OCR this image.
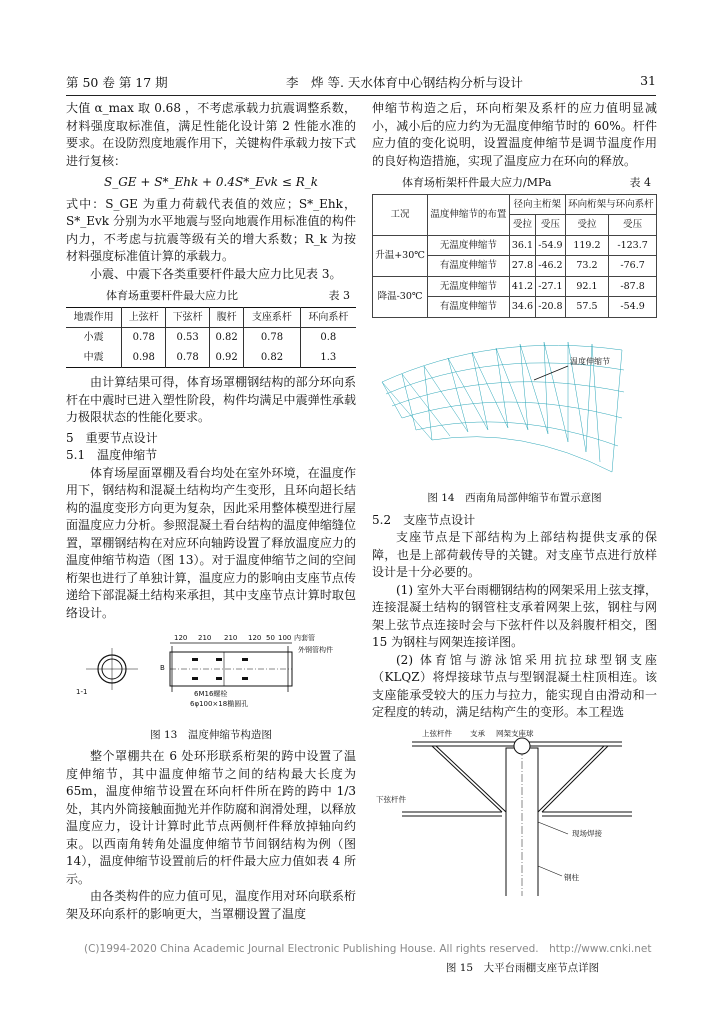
第 50 卷 第 17 期	李　烨 等. 天水体育中心钢结构分析与设计	31

大值 α_max 取 0.68 ，不考虑承载力抗震调整系数，材料强度取标准值，满足性能化设计第 2 性能水准的要求。在设防烈度地震作用下，关键构件承载力按下式进行复核：

S_GE + S*_Ehk + 0.4S*_Evk ≤ R_k

式中：S_GE 为重力荷载代表值的效应；S*_Ehk，S*_Evk 分别为水平地震与竖向地震作用标准值的构件内力，不考虑与抗震等级有关的增大系数；R_k 为按材料强度标准值计算的承载力。

小震、中震下各类重要杆件最大应力比见表 3。

体育场重要杆件最大应力比	表 3
地震作用	上弦杆	下弦杆	腹杆	支座系杆	环向系杆
小震	0.78	0.53	0.82	0.78	0.8
中震	0.98	0.78	0.92	0.82	1.3

由计算结果可得，体育场罩棚钢结构的部分环向系杆在中震时已进入塑性阶段，构件均满足中震弹性承载力极限状态的性能化要求。

5　重要节点设计

5.1　温度伸缩节

体育场屋面罩棚及看台均处在室外环境，在温度作用下，钢结构和混凝土结构均产生变形，且环向超长结构的温度变形方向更为复杂，因此采用整体模型进行屋面温度应力分析。参照混凝土看台结构的温度伸缩缝位置，罩棚钢结构在对应环向轴跨设置了释放温度应力的温度伸缩节构造（图 13）。对于温度伸缩节之间的空间桁架也进行了单独计算，温度应力的影响由支座节点传递给下部混凝土结构来承担，其中支座节点计算时取包络设计。

120 210 210 120 50 100 内套管
外钢管构件
B
1-1	6M16螺栓
6φ100×18椭圆孔

图 13　温度伸缩节构造图

整个罩棚共在 6 处环形联系桁架的跨中设置了温度伸缩节，其中温度伸缩节之间的结构最大长度为 65m，温度伸缩节设置在环向杆件所在跨的跨中 1/3 处，其内外筒接触面抛光并作防腐和润滑处理，以释放温度应力，设计计算时此节点两侧杆件释放掉轴向约束。以西南角转角处温度伸缩节节间钢结构为例（图 14），温度伸缩节设置前后的杆件最大应力值如表 4 所示。

由各类构件的应力值可见，温度作用对环向联系桁架及环向系杆的影响更大，当罩棚设置了温度

伸缩节构造之后，环向桁架及系杆的应力值明显减小，减小后的应力约为无温度伸缩节时的 60%。杆件应力值的变化说明，设置温度伸缩节是调节温度作用的良好构造措施，实现了温度应力在环向的释放。

体育场桁架杆件最大应力/MPa	表 4
工况	温度伸缩节的布置	径向主桁架		环向桁架与环向系杆	
		受拉	受压	受拉	受压
升温+30℃	无温度伸缩节	36.1	-54.9	119.2	-123.7
	有温度伸缩节	27.8	-46.2	73.2	-76.7
降温-30℃	无温度伸缩节	41.2	-27.1	92.1	-87.8
	有温度伸缩节	34.6	-20.8	57.5	-54.9
温度伸缩节

图 14　西南角局部伸缩节布置示意图

5.2　支座节点设计

支座节点是下部结构为上部结构提供支承的保障，也是上部荷载传导的关键。对支座节点进行放样设计是十分必要的。

(1) 室外大平台雨棚钢结构的网架采用上弦支撑，连接混凝土结构的钢管柱支承着网架上弦，钢柱与网架上弦节点连接时会与下弦杆件以及斜腹杆相交，图 15 为钢柱与网架连接详图。

(2) 体育馆与游泳馆采用抗拉球型钢支座（KLQZ）将焊接球节点与型钢混凝土柱顶相连。该支座能承受较大的压力与拉力，能实现自由滑动和一定程度的转动，满足结构产生的变形。本工程选

上弦杆件 支承 网架支座球
下弦杆件
现场焊接
钢柱
(C)1994-2020 China Academic Journal Electronic Publishing House. All rights reserved.　http://www.cnki.net

图 15　大平台雨棚支座节点详图
